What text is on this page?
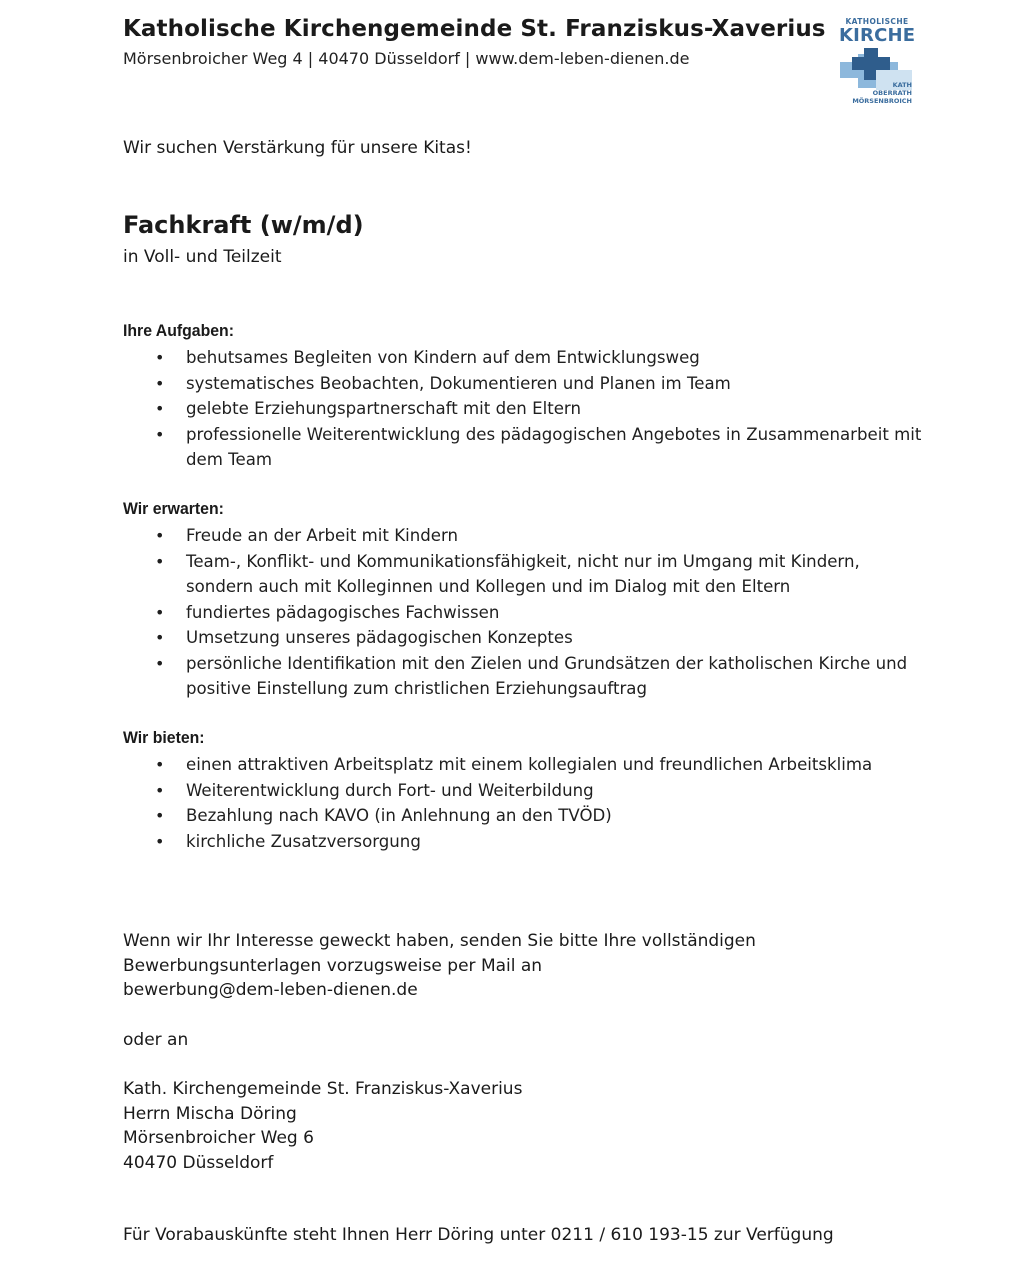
Katholische Kirchengemeinde St. Franziskus-Xaverius
Mörsenbroicher Weg 4 | 40470 Düsseldorf | www.dem-leben-dienen.de
KATHOLISCHE
KIRCHE
KATH
OBERRATH
MÖRSENBROICH
Wir suchen Verstärkung für unsere Kitas!
Fachkraft (w/m/d)
in Voll- und Teilzeit
Ihre Aufgaben:
• behutsames Begleiten von Kindern auf dem Entwicklungsweg
• systematisches Beobachten, Dokumentieren und Planen im Team
• gelebte Erziehungspartnerschaft mit den Eltern
• professionelle Weiterentwicklung des pädagogischen Angebotes in Zusammenarbeit mit dem Team
Wir erwarten:
• Freude an der Arbeit mit Kindern
• Team-, Konflikt- und Kommunikationsfähigkeit, nicht nur im Umgang mit Kindern, sondern auch mit Kolleginnen und Kollegen und im Dialog mit den Eltern
• fundiertes pädagogisches Fachwissen
• Umsetzung unseres pädagogischen Konzeptes
• persönliche Identifikation mit den Zielen und Grundsätzen der katholischen Kirche und positive Einstellung zum christlichen Erziehungsauftrag
Wir bieten:
• einen attraktiven Arbeitsplatz mit einem kollegialen und freundlichen Arbeitsklima
• Weiterentwicklung durch Fort- und Weiterbildung
• Bezahlung nach KAVO (in Anlehnung an den TVÖD)
• kirchliche Zusatzversorgung
Wenn wir Ihr Interesse geweckt haben, senden Sie bitte Ihre vollständigen
Bewerbungsunterlagen vorzugsweise per Mail an
bewerbung@dem-leben-dienen.de
oder an
Kath. Kirchengemeinde St. Franziskus-Xaverius
Herrn Mischa Döring
Mörsenbroicher Weg 6
40470 Düsseldorf
Für Vorabauskünfte steht Ihnen Herr Döring unter 0211 / 610 193-15 zur Verfügung
